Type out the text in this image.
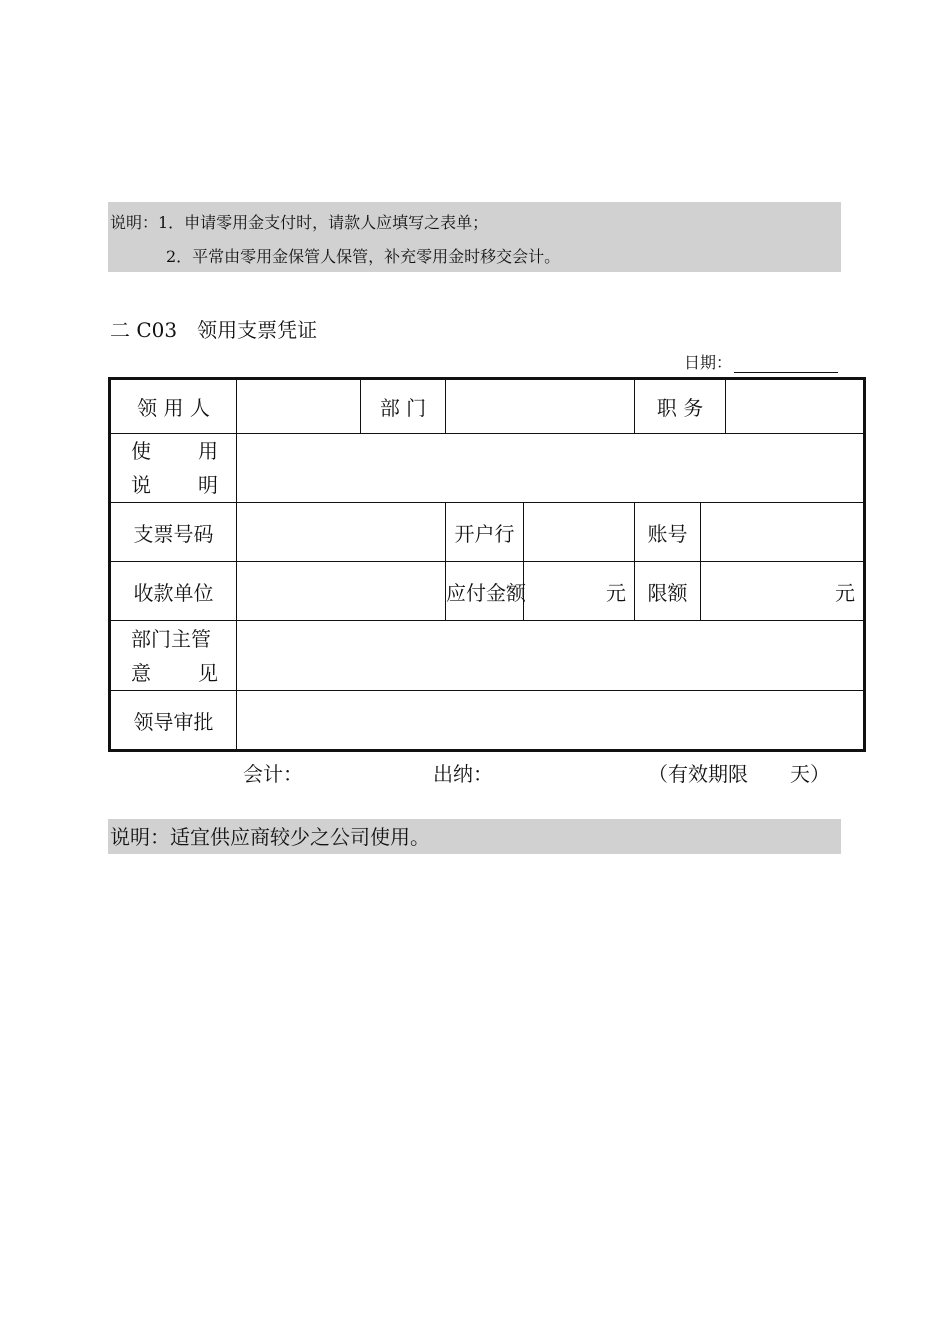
说明：1．申请零用金支付时，请款人应填写之表单；
2．平常由零用金保管人保管，补充零用金时移交会计。
二 C03　领用支票凭证
日期：
领 用 人		部 门			职 务		

使 用
说 明							

支票号码			开户行		账号		
收款单位			应付金额	元	限额	元	

部门主管
意 见							

领导审批							
会计：	出纳：	（有效期限 天）
说明：适宜供应商较少之公司使用。
